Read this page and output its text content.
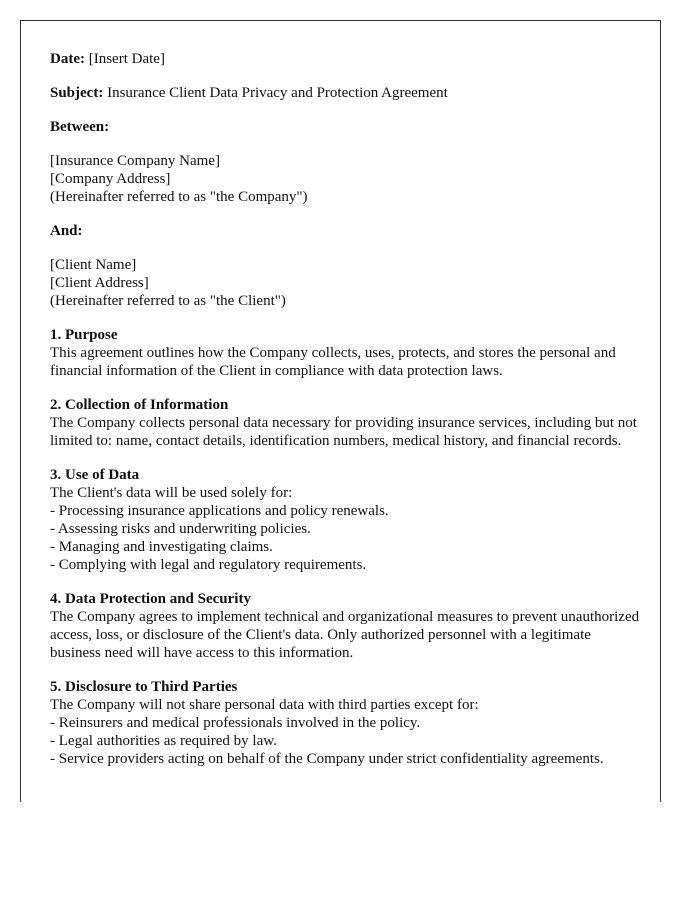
Date: [Insert Date]

Subject: Insurance Client Data Privacy and Protection Agreement

Between:

[Insurance Company Name]
[Company Address]
(Hereinafter referred to as "the Company")

And:

[Client Name]
[Client Address]
(Hereinafter referred to as "the Client")

1. Purpose
This agreement outlines how the Company collects, uses, protects, and stores the personal and financial information of the Client in compliance with data protection laws.
2. Collection of Information
The Company collects personal data necessary for providing insurance services, including but not limited to: name, contact details, identification numbers, medical history, and financial records.
3. Use of Data
The Client's data will be used solely for:
- Processing insurance applications and policy renewals.
- Assessing risks and underwriting policies.
- Managing and investigating claims.
- Complying with legal and regulatory requirements.
4. Data Protection and Security
The Company agrees to implement technical and organizational measures to prevent unauthorized access, loss, or disclosure of the Client's data. Only authorized personnel with a legitimate business need will have access to this information.
5. Disclosure to Third Parties
The Company will not share personal data with third parties except for:
- Reinsurers and medical professionals involved in the policy.
- Legal authorities as required by law.
- Service providers acting on behalf of the Company under strict confidentiality agreements.
